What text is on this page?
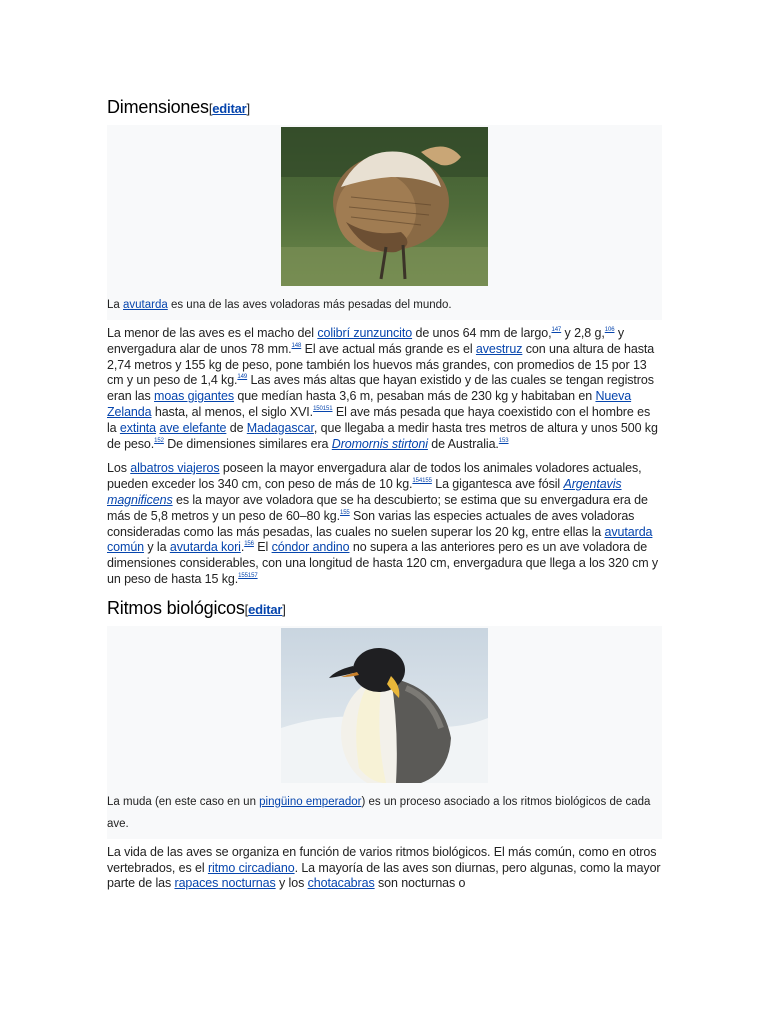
Dimensiones[editar]
La avutarda es una de las aves voladoras más pesadas del mundo.

La menor de las aves es el macho del colibrí zunzuncito de unos 64 mm de largo,$^{147}$ y 2,8 g,$^{106}$ y envergadura alar de unos 78 mm.$^{148}$ El ave actual más grande es el avestruz con una altura de hasta 2,74 metros y 155 kg de peso, pone también los huevos más grandes, con promedios de 15 por 13 cm y un peso de 1,4 kg.$^{149}$ Las aves más altas que hayan existido y de las cuales se tengan registros eran las moas gigantes que medían hasta 3,6 m, pesaban más de 230 kg y habitaban en Nueva Zelanda hasta, al menos, el siglo XVI.$^{150151}$ El ave más pesada que haya coexistido con el hombre es la extinta ave elefante de Madagascar, que llegaba a medir hasta tres metros de altura y unos 500 kg de peso.$^{152}$ De dimensiones similares era Dromornis stirtoni de Australia.$^{153}$

Los albatros viajeros poseen la mayor envergadura alar de todos los animales voladores actuales, pueden exceder los 340 cm, con peso de más de 10 kg.$^{154155}$ La gigantesca ave fósil Argentavis magnificens es la mayor ave voladora que se ha descubierto; se estima que su envergadura era de más de 5,8 metros y un peso de 60–80 kg.$^{155}$ Son varias las especies actuales de aves voladoras consideradas como las más pesadas, las cuales no suelen superar los 20 kg, entre ellas la avutarda común y la avutarda kori.$^{156}$ El cóndor andino no supera a las anteriores pero es un ave voladora de dimensiones considerables, con una longitud de hasta 120 cm, envergadura que llega a los 320 cm y un peso de hasta 15 kg.$^{155157}$

Ritmos biológicos[editar]
La muda (en este caso en un pingüino emperador) es un proceso asociado a los ritmos biológicos de cada ave.

La vida de las aves se organiza en función de varios ritmos biológicos. El más común, como en otros vertebrados, es el ritmo circadiano. La mayoría de las aves son diurnas, pero algunas, como la mayor parte de las rapaces nocturnas y los chotacabras son nocturnas o
